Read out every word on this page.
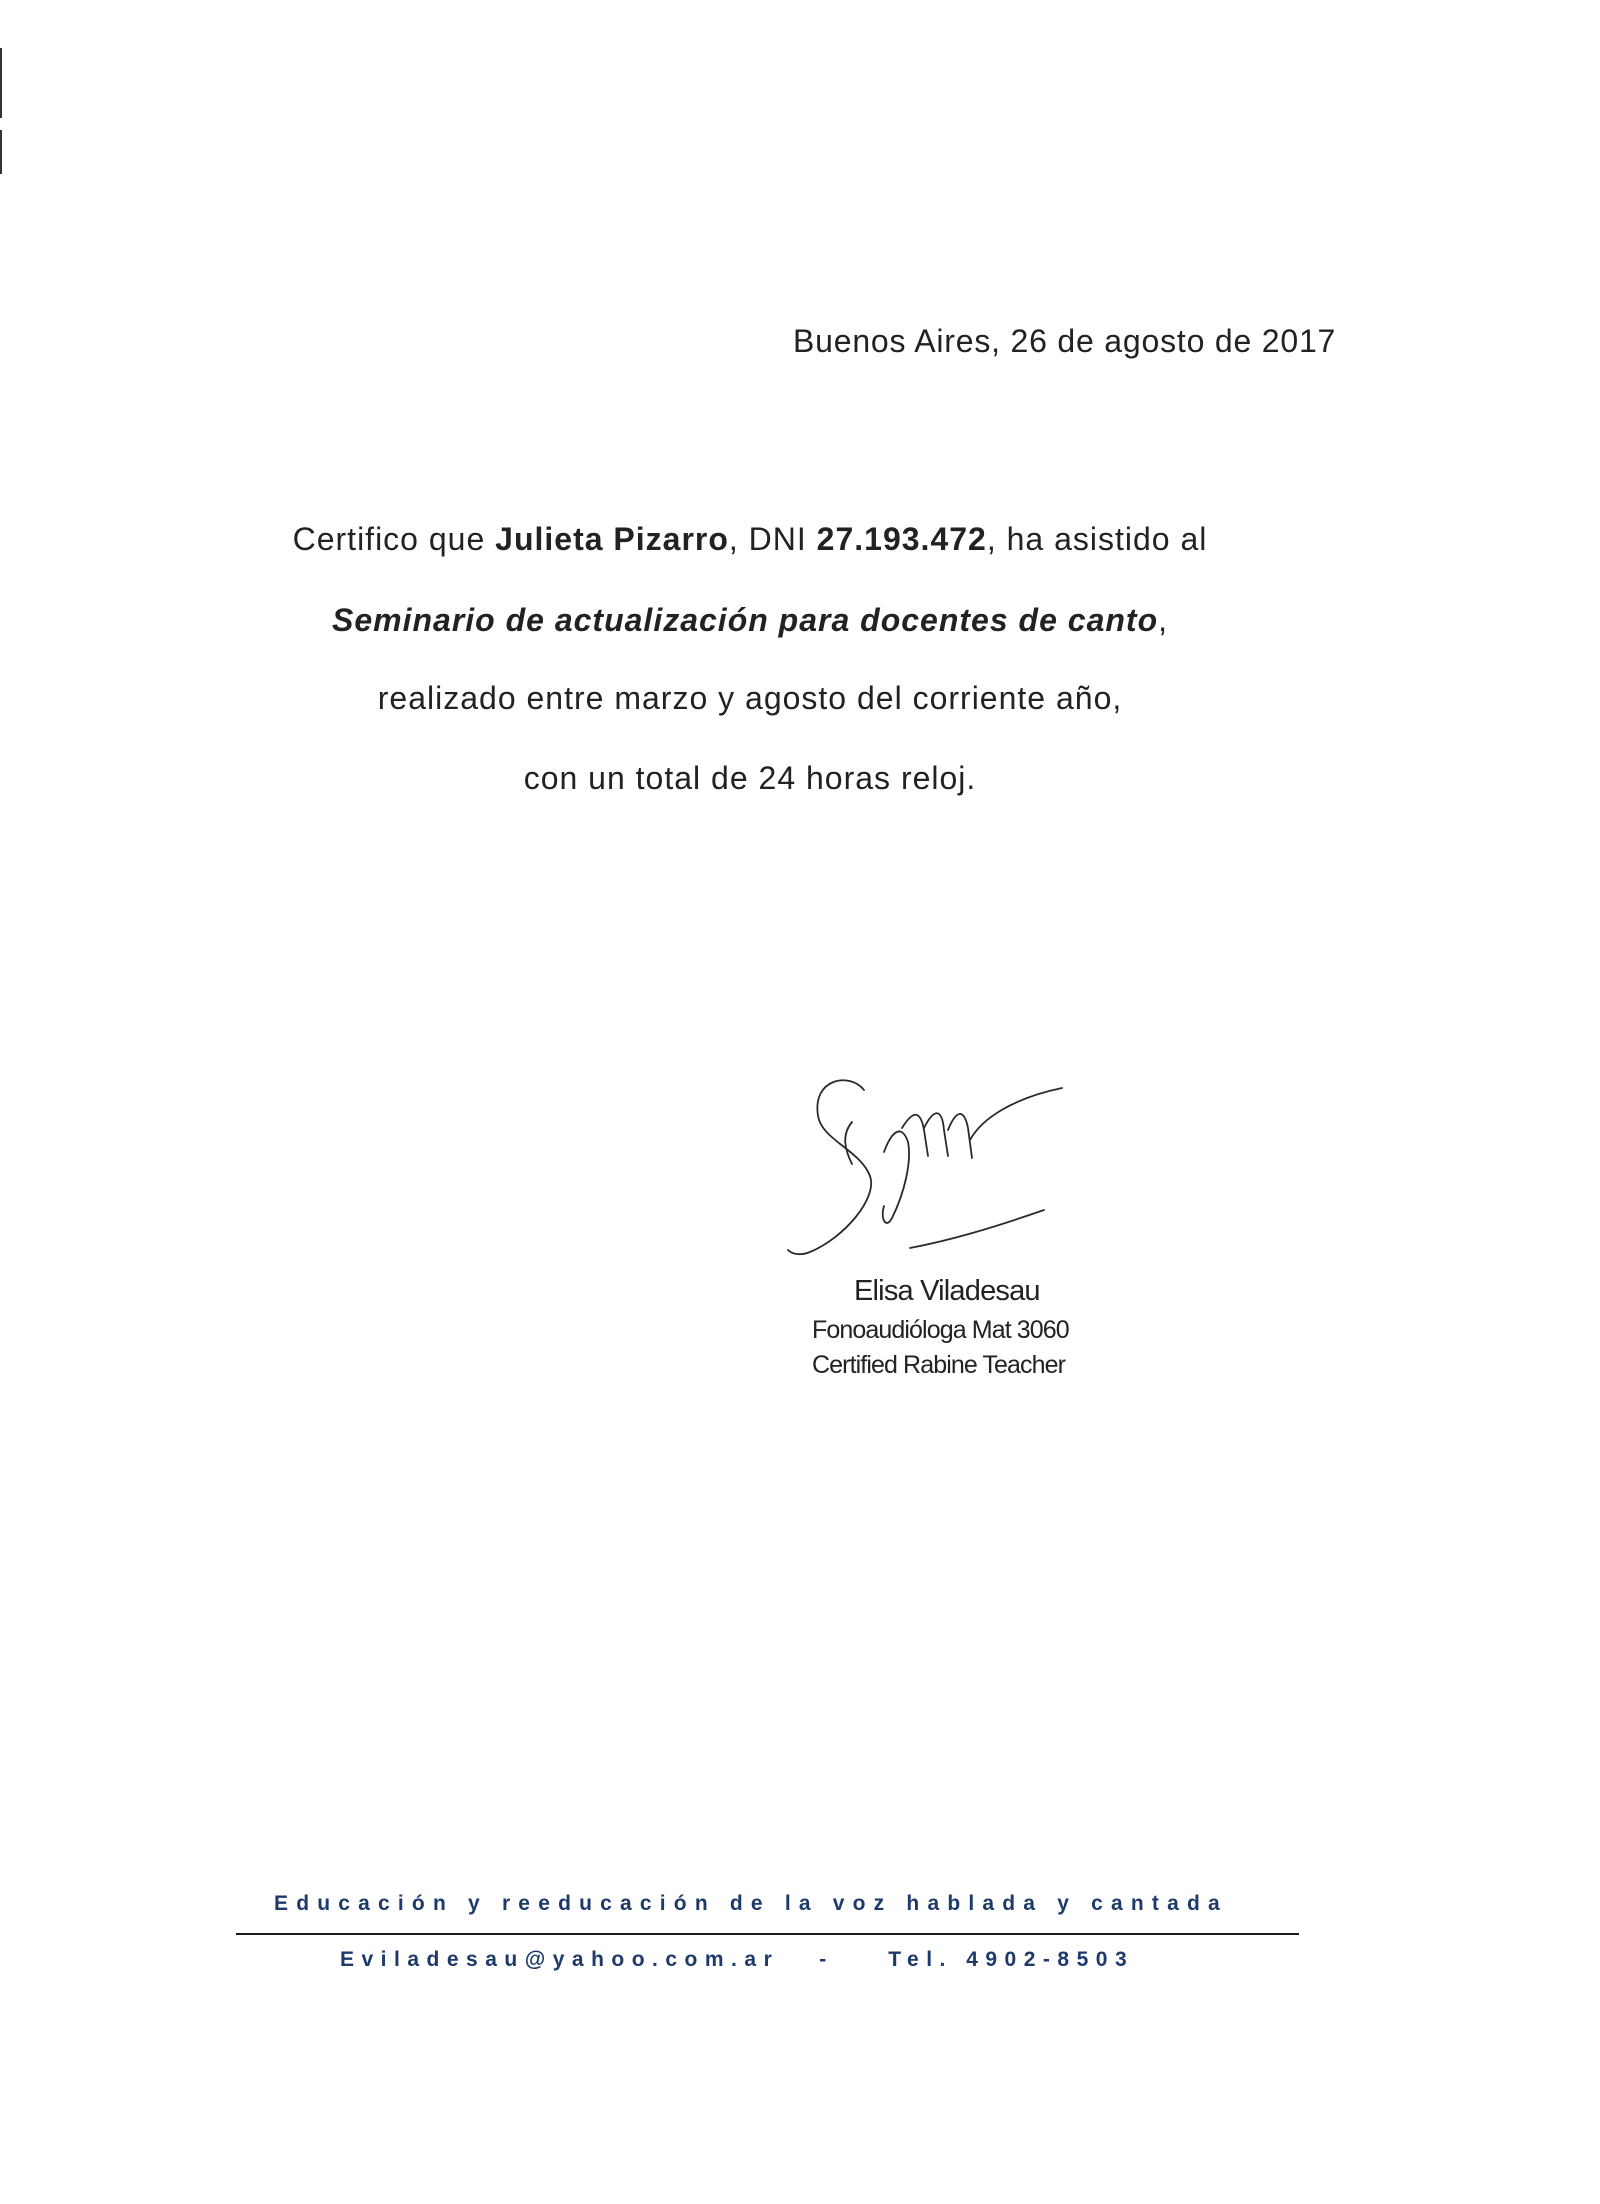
Buenos Aires, 26 de agosto de 2017
Certifico que Julieta Pizarro, DNI 27.193.472, ha asistido al
Seminario de actualización para docentes de canto,
realizado entre marzo y agosto del corriente año,
con un total de 24 horas reloj.
Elisa Viladesau
Fonoaudióloga Mat 3060
Certified Rabine Teacher
Educación y reeducación de la voz hablada y cantada
Eviladesau@yahoo.com.ar -	Tel. 4902-8503
